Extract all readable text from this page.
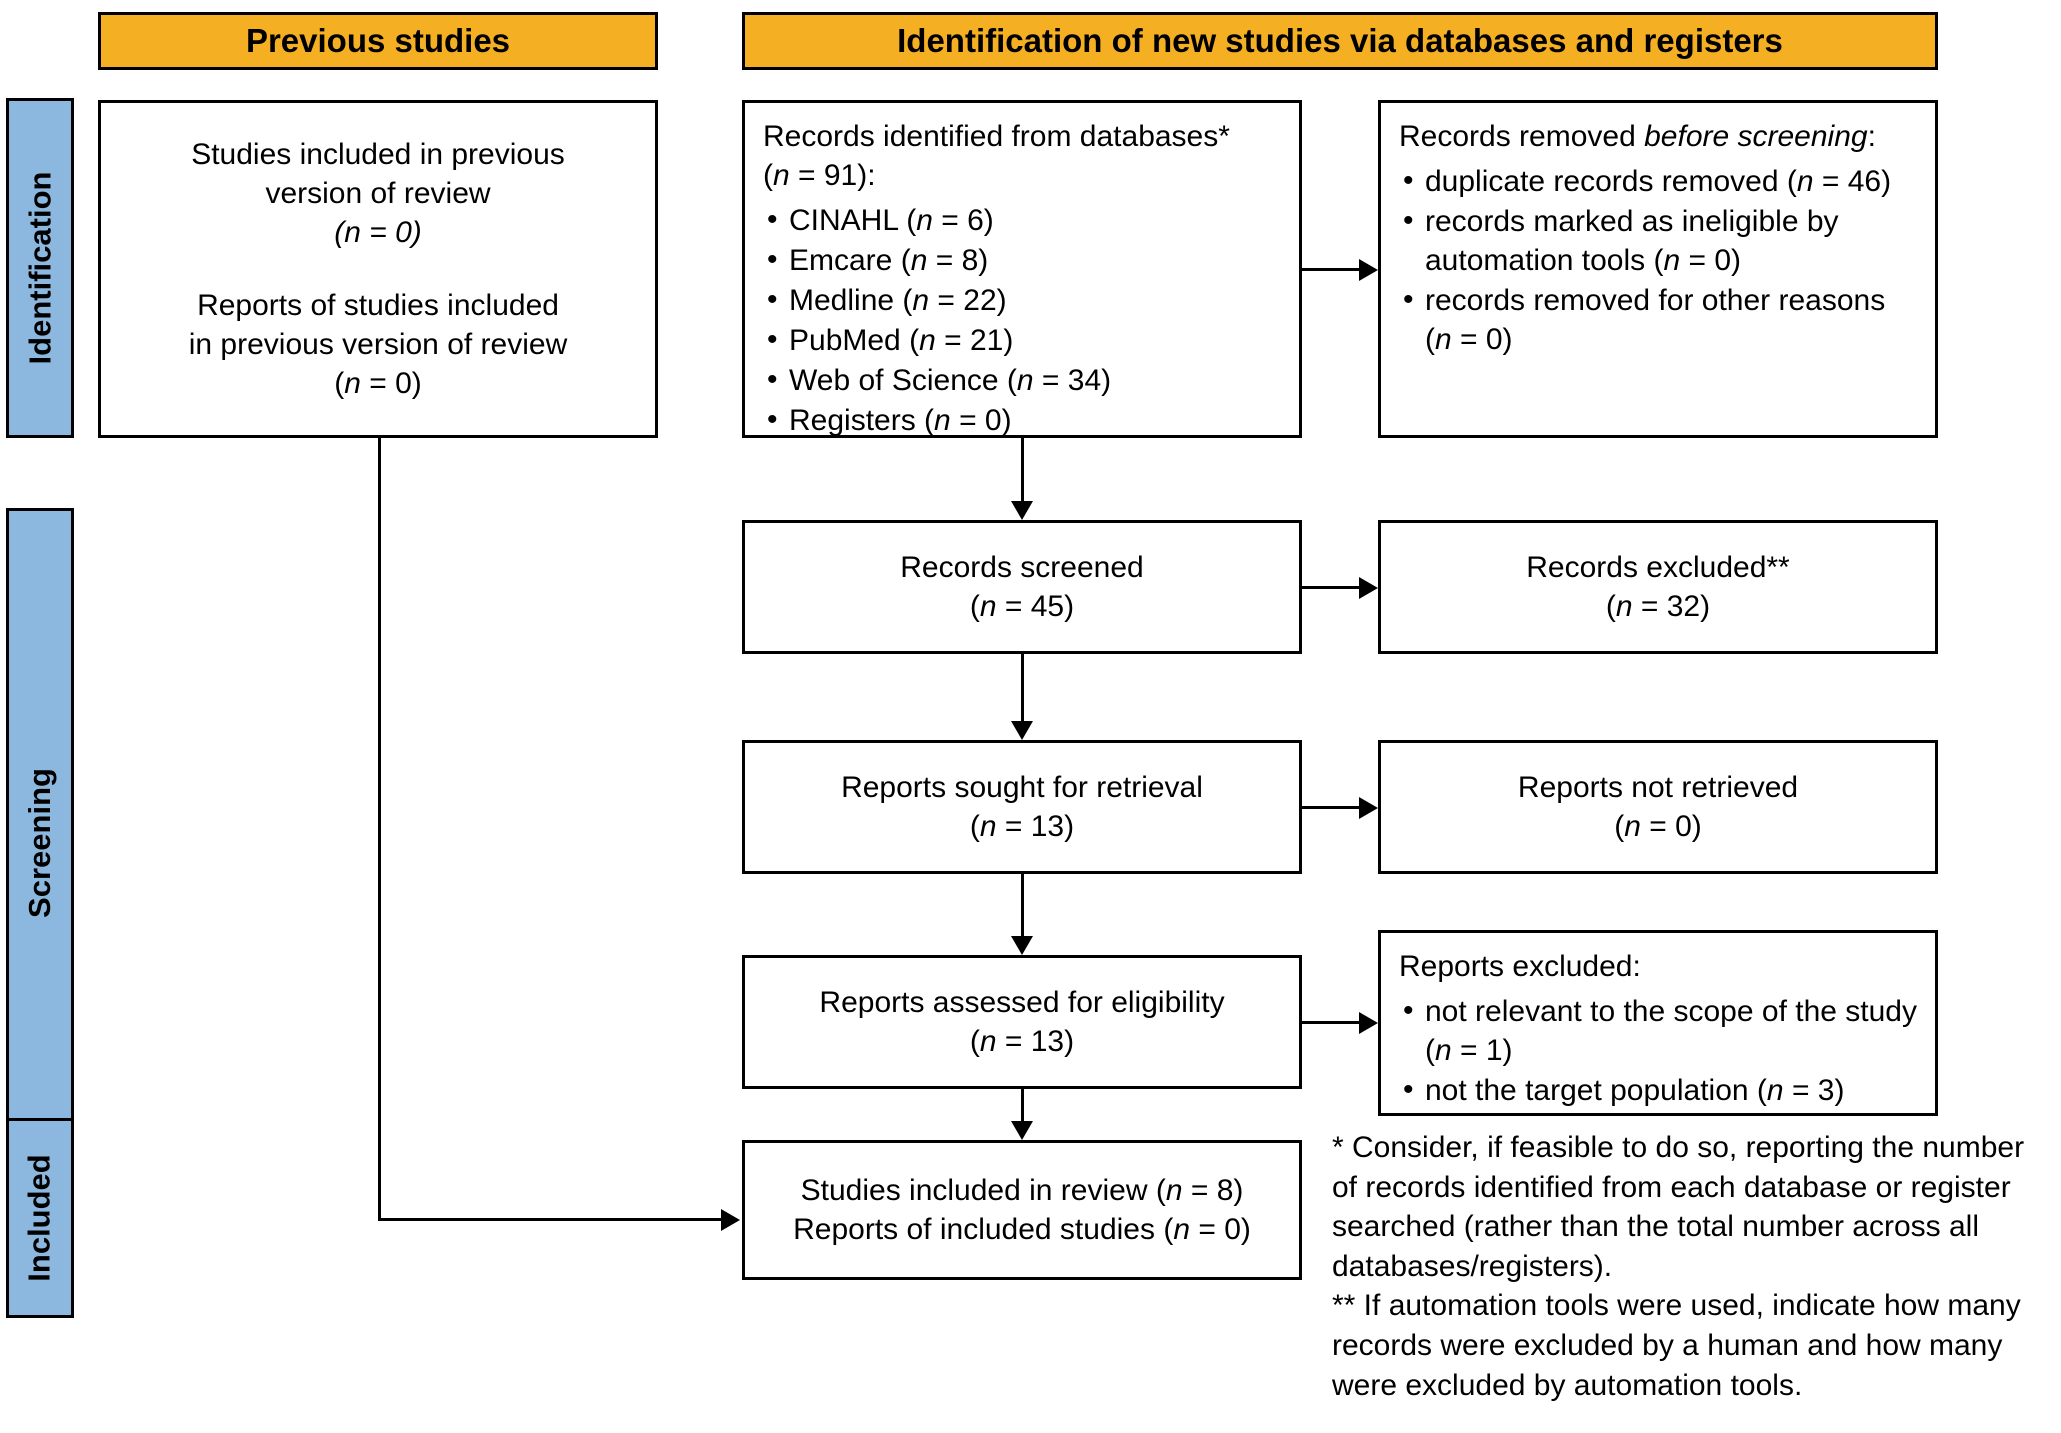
Previous studies	Identification of new studies via databases and registers
Identification
Screening
Included
Studies included in previous
version of review
(n = 0)
Reports of studies included
in previous version of review
(n = 0)
Records identified from databases*
(n = 91):
• CINAHL (n = 6)
• Emcare (n = 8)
• Medline (n = 22)
• PubMed (n = 21)
• Web of Science (n = 34)
• Registers (n = 0)
Records removed before screening:
• duplicate records removed (n = 46)
• records marked as ineligible by automation tools (n = 0)
• records removed for other reasons (n = 0)
Records screened
(n = 45)
Records excluded**
(n = 32)
Reports sought for retrieval
(n = 13)
Reports not retrieved
(n = 0)
Reports assessed for eligibility
(n = 13)
Reports excluded:
• not relevant to the scope of the study (n = 1)
• not the target population (n = 3)
Studies included in review (n = 8)
Reports of included studies (n = 0)

* Consider, if feasible to do so, reporting the number of records identified from each database or register searched (rather than the total number across all databases/registers).

** If automation tools were used, indicate how many records were excluded by a human and how many were excluded by automation tools.
